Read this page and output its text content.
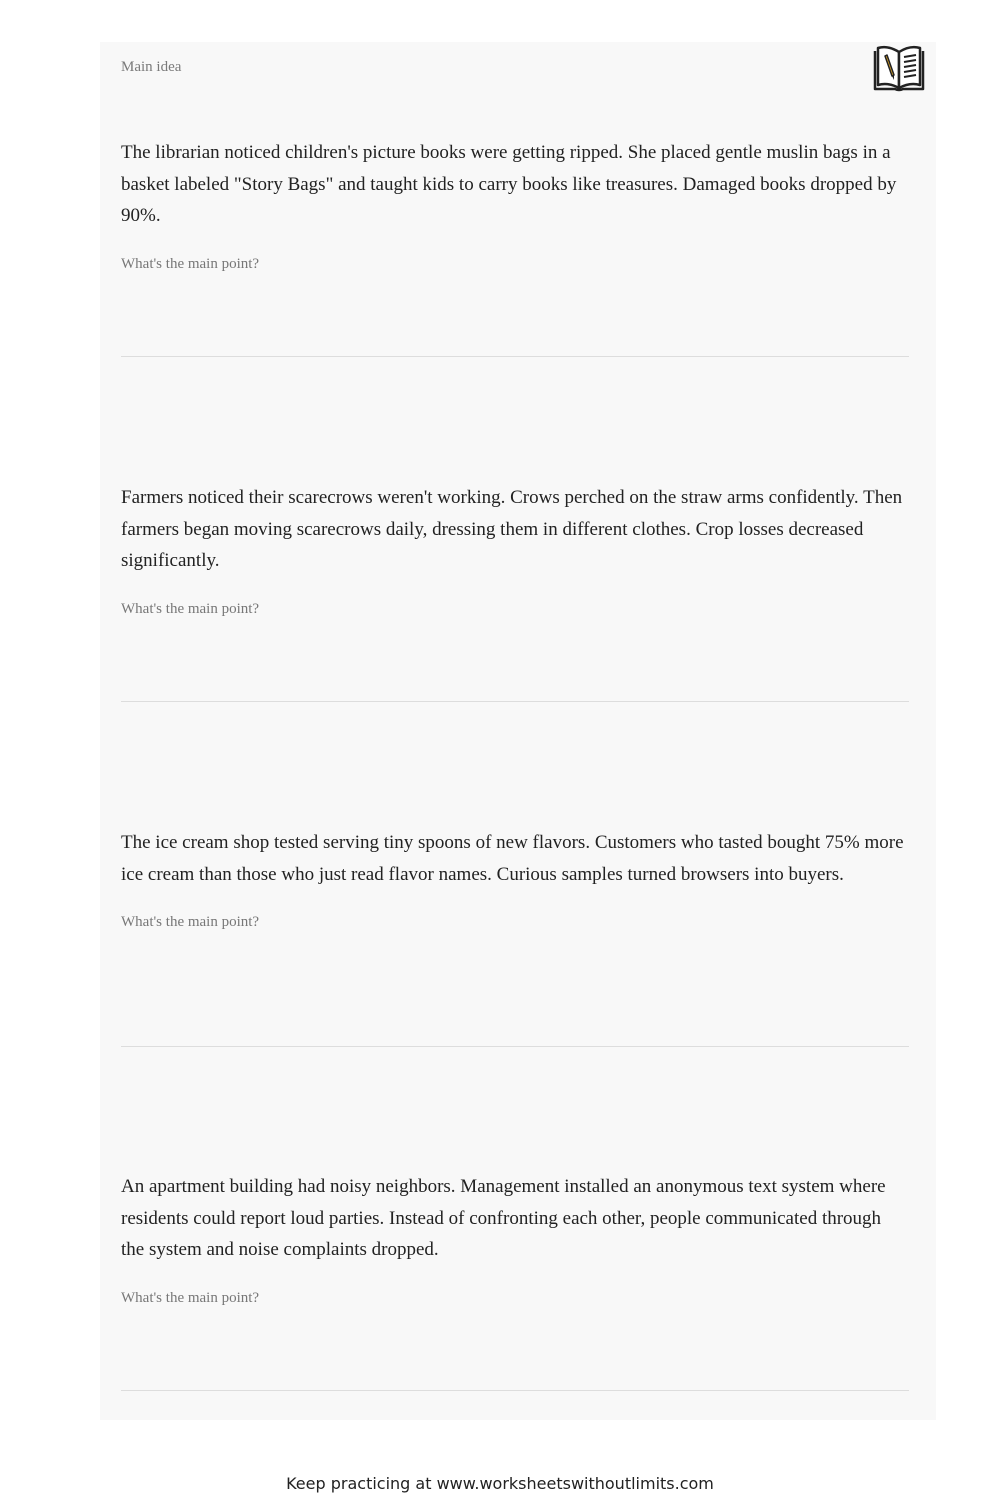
Main idea

The librarian noticed children's picture books were getting ripped. She placed gentle muslin bags in a basket labeled "Story Bags" and taught kids to carry books like treasures. Damaged books dropped by 90%.

What's the main point?

Farmers noticed their scarecrows weren't working. Crows perched on the straw arms confidently. Then farmers began moving scarecrows daily, dressing them in different clothes. Crop losses decreased significantly.

What's the main point?

The ice cream shop tested serving tiny spoons of new flavors. Customers who tasted bought 75% more ice cream than those who just read flavor names. Curious samples turned browsers into buyers.

What's the main point?

An apartment building had noisy neighbors. Management installed an anonymous text system where residents could report loud parties. Instead of confronting each other, people communicated through the system and noise complaints dropped.

What's the main point?
Keep practicing at www.worksheetswithoutlimits.com
